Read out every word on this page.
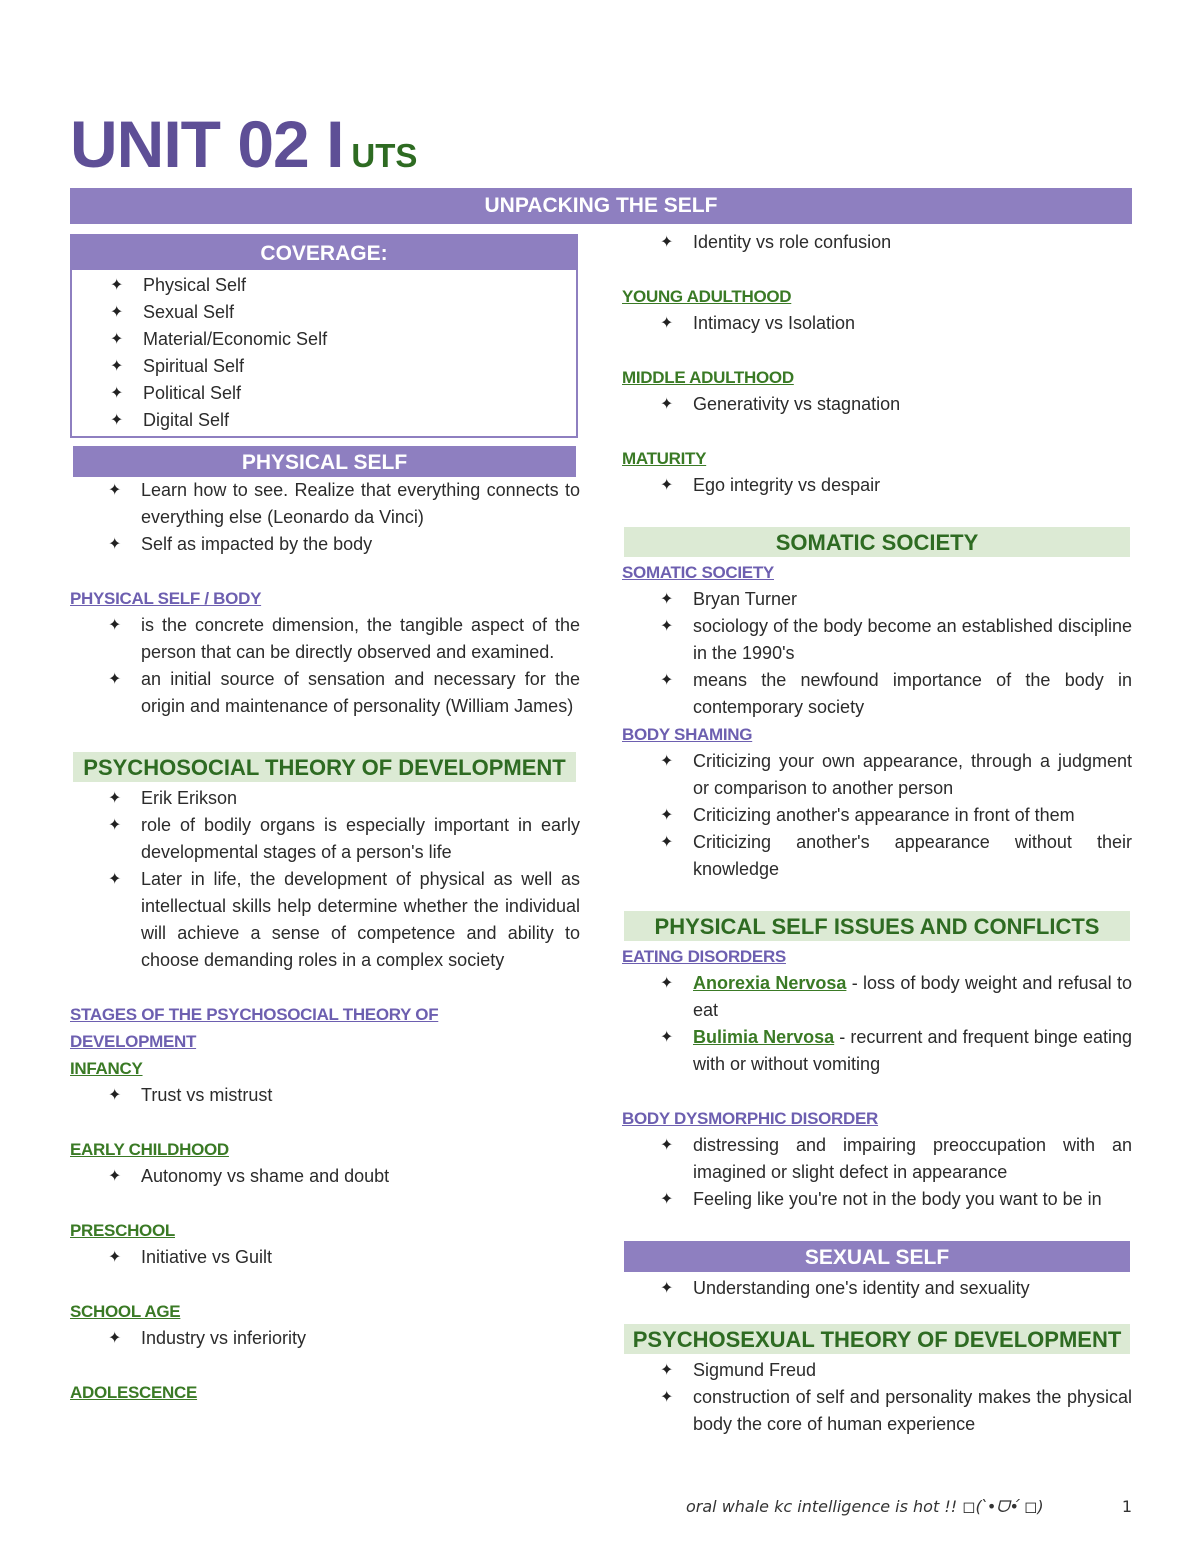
UNIT 02 I UTS
UNPACKING THE SELF
COVERAGE:
✦	Physical Self
✦	Sexual Self
✦	Material/Economic Self
✦	Spiritual Self
✦	Political Self
✦	Digital Self
PHYSICAL SELF
✦	Learn how to see. Realize that everything connects to everything else (Leonardo da Vinci)
✦	Self as impacted by the body
PHYSICAL SELF / BODY
✦	is the concrete dimension, the tangible aspect of the person that can be directly observed and examined.
✦	an initial source of sensation and necessary for the origin and maintenance of personality (William James)
PSYCHOSOCIAL THEORY OF DEVELOPMENT
✦	Erik Erikson
✦	role of bodily organs is especially important in early developmental stages of a person's life
✦	Later in life, the development of physical as well as intellectual skills help determine whether the individual will achieve a sense of competence and ability to choose demanding roles in a complex society
STAGES OF THE PSYCHOSOCIAL THEORY OF DEVELOPMENT
INFANCY
✦	Trust vs mistrust
EARLY CHILDHOOD
✦	Autonomy vs shame and doubt
PRESCHOOL
✦	Initiative vs Guilt
SCHOOL AGE
✦	Industry vs inferiority
ADOLESCENCE
✦	Identity vs role confusion
YOUNG ADULTHOOD
✦	Intimacy vs Isolation
MIDDLE ADULTHOOD
✦	Generativity vs stagnation
MATURITY
✦	Ego integrity vs despair
SOMATIC SOCIETY
SOMATIC SOCIETY
✦	Bryan Turner
✦	sociology of the body become an established discipline in the 1990's
✦	means the newfound importance of the body in contemporary society
BODY SHAMING
✦	Criticizing your own appearance, through a judgment or comparison to another person
✦	Criticizing another's appearance in front of them
✦	Criticizing another's appearance without their knowledge
PHYSICAL SELF ISSUES AND CONFLICTS
EATING DISORDERS
✦	Anorexia Nervosa - loss of body weight and refusal to eat
✦	Bulimia Nervosa - recurrent and frequent binge eating with or without vomiting
BODY DYSMORPHIC DISORDER
✦	distressing and impairing preoccupation with an imagined or slight defect in appearance
✦	Feeling like you're not in the body you want to be in
SEXUAL SELF
✦	Understanding one's identity and sexuality
PSYCHOSEXUAL THEORY OF DEVELOPMENT
✦	Sigmund Freud
✦	construction of self and personality makes the physical body the core of human experience
oral whale kc intelligence is hot !! ◻( ̀•ᗜ•́ ◻)	1
